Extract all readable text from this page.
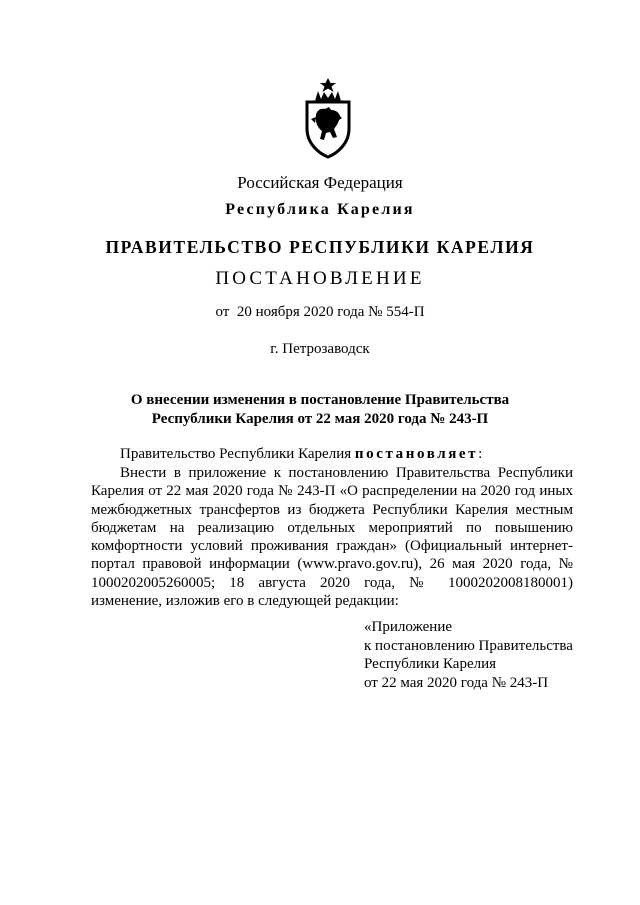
Российская Федерация
Республика Карелия
ПРАВИТЕЛЬСТВО РЕСПУБЛИКИ КАРЕЛИЯ
ПОСТАНОВЛЕНИЕ
от  20 ноября 2020 года № 554-П
г. Петрозаводск
О внесении изменения в постановление Правительства
Республики Карелия от 22 мая 2020 года № 243-П
Правительство Республики Карелия постановляет:
Внести в приложение к постановлению Правительства Республики Карелия от 22 мая 2020 года № 243-П «О распределении на 2020 год иных межбюджетных трансфертов из бюджета Республики Карелия местным бюджетам на реализацию отдельных мероприятий по повышению комфортности условий проживания граждан» (Официальный интернет-портал правовой информации (www.pravo.gov.ru), 26 мая 2020 года, № 1000202005260005; 18 августа 2020 года, № 1000202008180001) изменение, изложив его в следующей редакции:
«Приложение
к постановлению Правительства
Республики Карелия
от 22 мая 2020 года № 243-П
